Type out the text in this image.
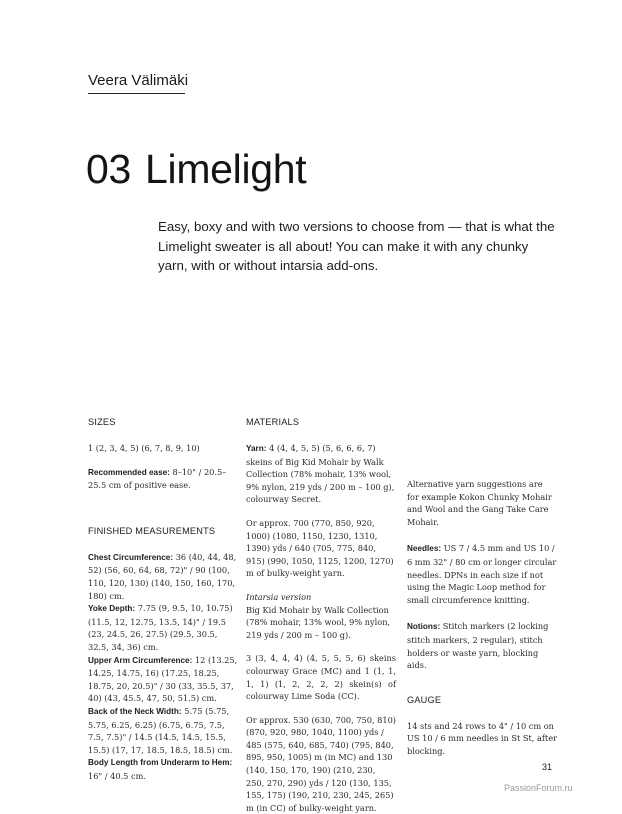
Veera Välimäki
03 Limelight
Easy, boxy and with two versions to choose from — that is what the Limelight sweater is all about! You can make it with any chunky yarn, with or without intarsia add-ons.
SIZES

1 (2, 3, 4, 5) (6, 7, 8, 9, 10)

Recommended ease: 8–10" / 20.5–25.5 cm of positive ease.

FINISHED MEASUREMENTS

Chest Circumference: 36 (40, 44, 48, 52) (56, 60, 64, 68, 72)" / 90 (100, 110, 120, 130) (140, 150, 160, 170, 180) cm.

Yoke Depth: 7.75 (9, 9.5, 10, 10.75) (11.5, 12, 12.75, 13.5, 14)" / 19.5 (23, 24.5, 26, 27.5) (29.5, 30.5, 32.5, 34, 36) cm.

Upper Arm Circumference: 12 (13.25, 14.25, 14.75, 16) (17.25, 18.25, 18.75, 20, 20.5)" / 30 (33, 35.5, 37, 40) (43, 45.5, 47, 50, 51.5) cm.

Back of the Neck Width: 5.75 (5.75, 5.75, 6.25, 6.25) (6.75, 6.75, 7.5, 7.5, 7.5)" / 14.5 (14.5, 14.5, 15.5, 15.5) (17, 17, 18.5, 18.5, 18.5) cm.

Body Length from Underarm to Hem: 16" / 40.5 cm.

MATERIALS

Yarn: 4 (4, 4, 5, 5) (5, 6, 6, 6, 7) skeins of Big Kid Mohair by Walk Collection (78% mohair, 13% wool, 9% nylon, 219 yds / 200 m – 100 g), colourway Secret.

Or approx. 700 (770, 850, 920, 1000) (1080, 1150, 1230, 1310, 1390) yds / 640 (705, 775, 840, 915) (990, 1050, 1125, 1200, 1270) m of bulky-weight yarn.

Intarsia version
Big Kid Mohair by Walk Collection (78% mohair, 13% wool, 9% nylon, 219 yds / 200 m – 100 g).

3 (3, 4, 4, 4) (4, 5, 5, 5, 6) skeins colourway Grace (MC) and 1 (1, 1, 1, 1) (1, 2, 2, 2, 2) skein(s) of colourway Lime Soda (CC).

Or approx. 530 (630, 700, 750, 810) (870, 920, 980, 1040, 1100) yds / 485 (575, 640, 685, 740) (795, 840, 895, 950, 1005) m (in MC) and 130 (140, 150, 170, 190) (210, 230, 250, 270, 290) yds / 120 (130, 135, 155, 175) (190, 210, 230, 245, 265) m (in CC) of bulky-weight yarn.

Alternative yarn suggestions are for example Kokon Chunky Mohair and Wool and the Gang Take Care Mohair.

Needles: US 7 / 4.5 mm and US 10 / 6 mm 32" / 80 cm or longer circular needles. DPNs in each size if not using the Magic Loop method for small circumference knitting.

Notions: Stitch markers (2 locking stitch markers, 2 regular), stitch holders or waste yarn, blocking aids.

GAUGE

14 sts and 24 rows to 4" / 10 cm on US 10 / 6 mm needles in St St, after blocking.

31
PassionForum.ru
